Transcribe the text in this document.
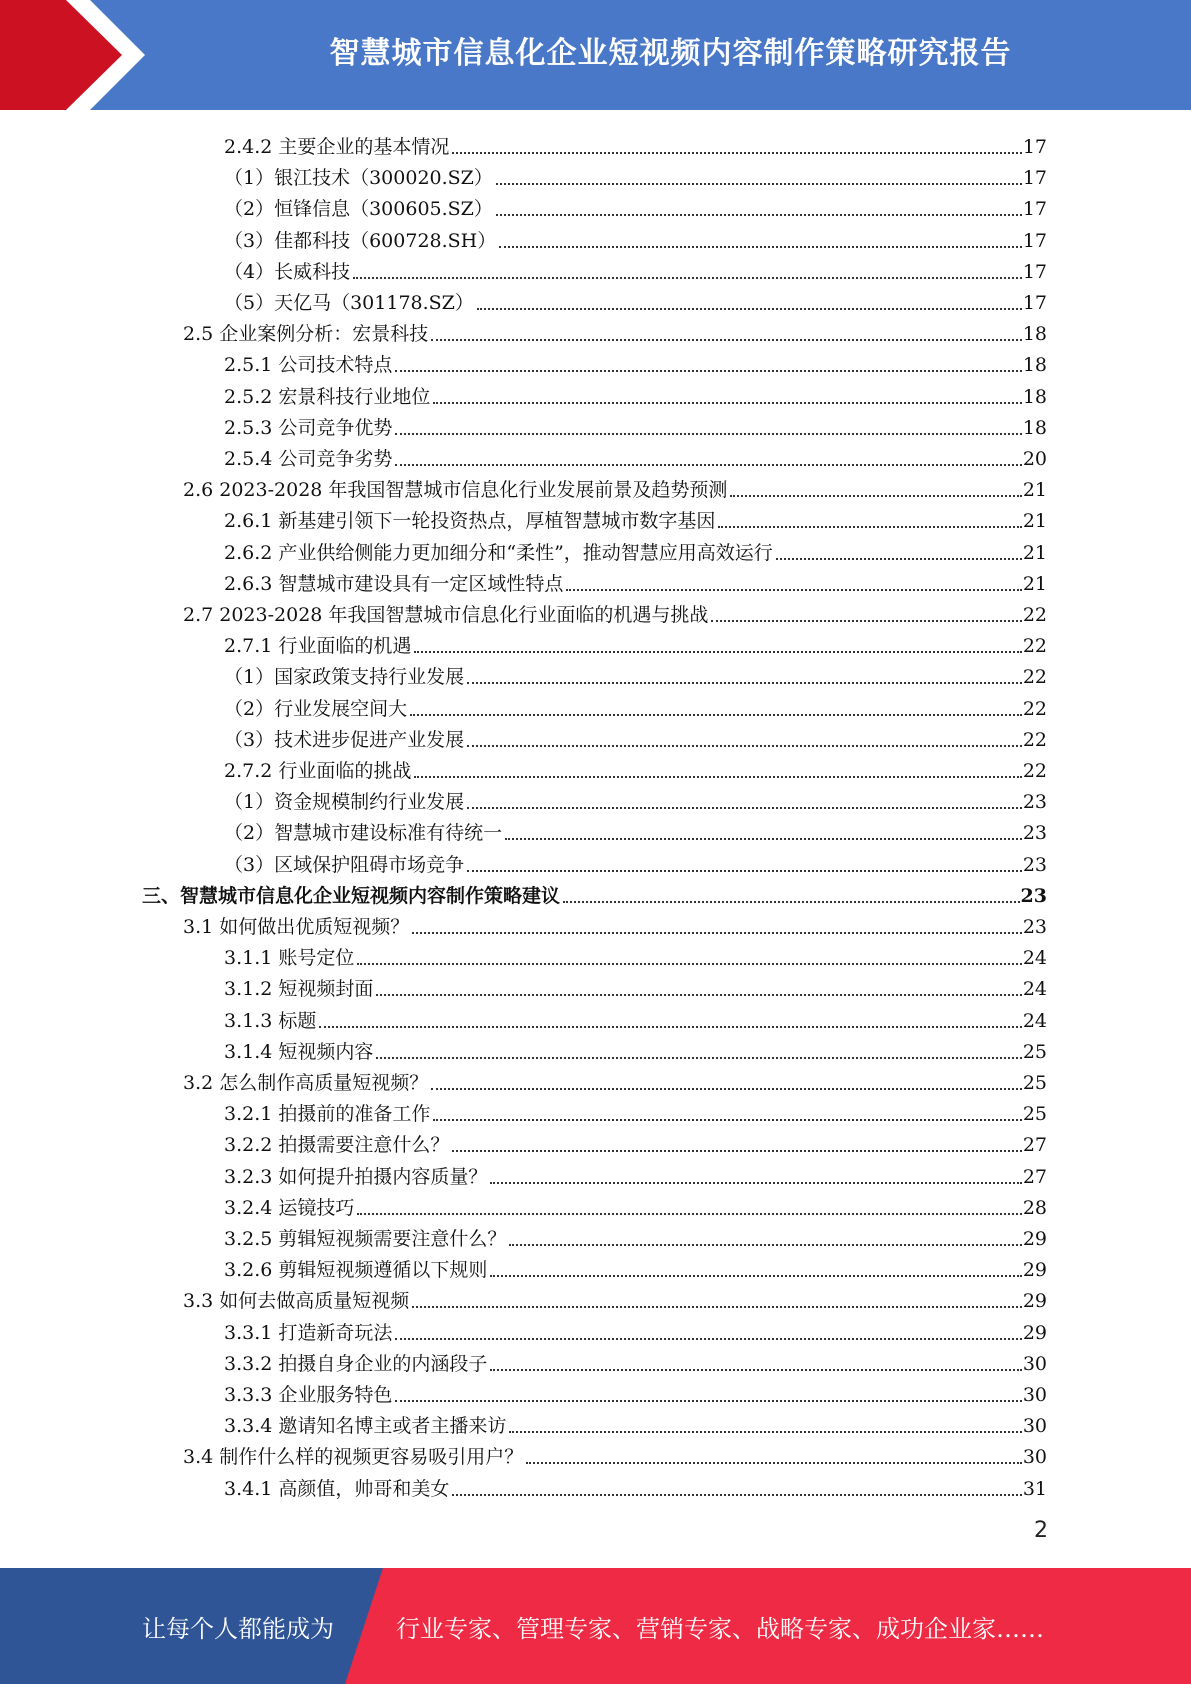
智慧城市信息化企业短视频内容制作策略研究报告
2.4.2 主要企业的基本情况	17
（1）银江技术（300020.SZ）	17
（2）恒锋信息（300605.SZ）	17
（3）佳都科技（600728.SH）	17
（4）长威科技	17
（5）天亿马（301178.SZ）	17
2.5 企业案例分析：宏景科技	18
2.5.1 公司技术特点	18
2.5.2 宏景科技行业地位	18
2.5.3 公司竞争优势	18
2.5.4 公司竞争劣势	20
2.6 2023-2028 年我国智慧城市信息化行业发展前景及趋势预测	21
2.6.1 新基建引领下一轮投资热点，厚植智慧城市数字基因	21
2.6.2 产业供给侧能力更加细分和“柔性”，推动智慧应用高效运行	21
2.6.3 智慧城市建设具有一定区域性特点	21
2.7 2023-2028 年我国智慧城市信息化行业面临的机遇与挑战	22
2.7.1 行业面临的机遇	22
（1）国家政策支持行业发展	22
（2）行业发展空间大	22
（3）技术进步促进产业发展	22
2.7.2 行业面临的挑战	22
（1）资金规模制约行业发展	23
（2）智慧城市建设标准有待统一	23
（3）区域保护阻碍市场竞争	23
三、智慧城市信息化企业短视频内容制作策略建议	23
3.1 如何做出优质短视频？	23
3.1.1 账号定位	24
3.1.2 短视频封面	24
3.1.3 标题	24
3.1.4 短视频内容	25
3.2 怎么制作高质量短视频？	25
3.2.1 拍摄前的准备工作	25
3.2.2 拍摄需要注意什么？	27
3.2.3 如何提升拍摄内容质量？	27
3.2.4 运镜技巧	28
3.2.5 剪辑短视频需要注意什么？	29
3.2.6 剪辑短视频遵循以下规则	29
3.3 如何去做高质量短视频	29
3.3.1 打造新奇玩法	29
3.3.2 拍摄自身企业的内涵段子	30
3.3.3 企业服务特色	30
3.3.4 邀请知名博主或者主播来访	30
3.4 制作什么样的视频更容易吸引用户？	30
3.4.1 高颜值，帅哥和美女	31
2
让每个人都能成为	行业专家、管理专家、营销专家、战略专家、成功企业家……
